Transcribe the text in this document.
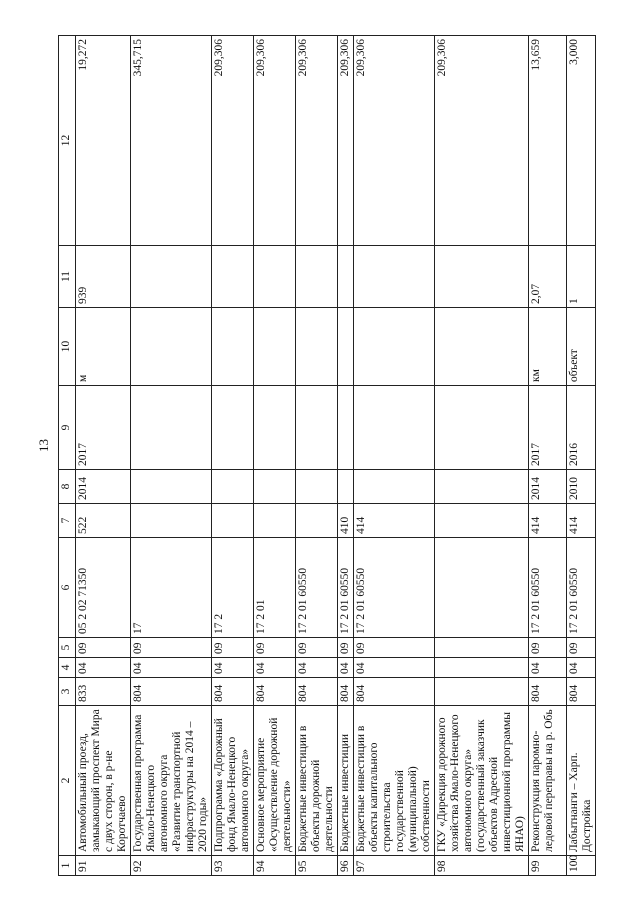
13
1	2	3	4	5	6	7	8	9	10	11	12
91	Автомобильный проезд, замыкающий проспект Мира с двух сторон, в р-не Коротчаево	833	04	09	05 2 02 71350	522	2014	2017	м	939	19,272
92	Государственная программа Ямало-Ненецкого автономного округа «Развитие транспортной инфраструктуры на 2014 – 2020 годы»	804	04	09	17						345,715
93	Подпрограмма «Дорожный фонд Ямало-Ненецкого автономного округа»	804	04	09	17 2						209,306
94	Основное мероприятие «Осуществление дорожной деятельности»	804	04	09	17 2 01						209,306
95	Бюджетные инвестиции в объекты дорожной деятельности	804	04	09	17 2 01 60550						209,306
96	Бюджетные инвестиции	804	04	09	17 2 01 60550	410					209,306
97	Бюджетные инвестиции в объекты капитального строительства государственной (муниципальной) собственности	804	04	09	17 2 01 60550	414					209,306
98	ГКУ «Дирекция дорожного хозяйства Ямало-Ненецкого автономного округа» (государственный заказчик объектов Адресной инвестиционной программы ЯНАО)										209,306
99	Реконструкция паромно-ледовой переправы на р. Обь	804	04	09	17 2 01 60550	414	2014	2017	км	2,07	13,659
100	Лабытнанги – Харп. Достройка	804	04	09	17 2 01 60550	414	2010	2016	объект	1	3,000
